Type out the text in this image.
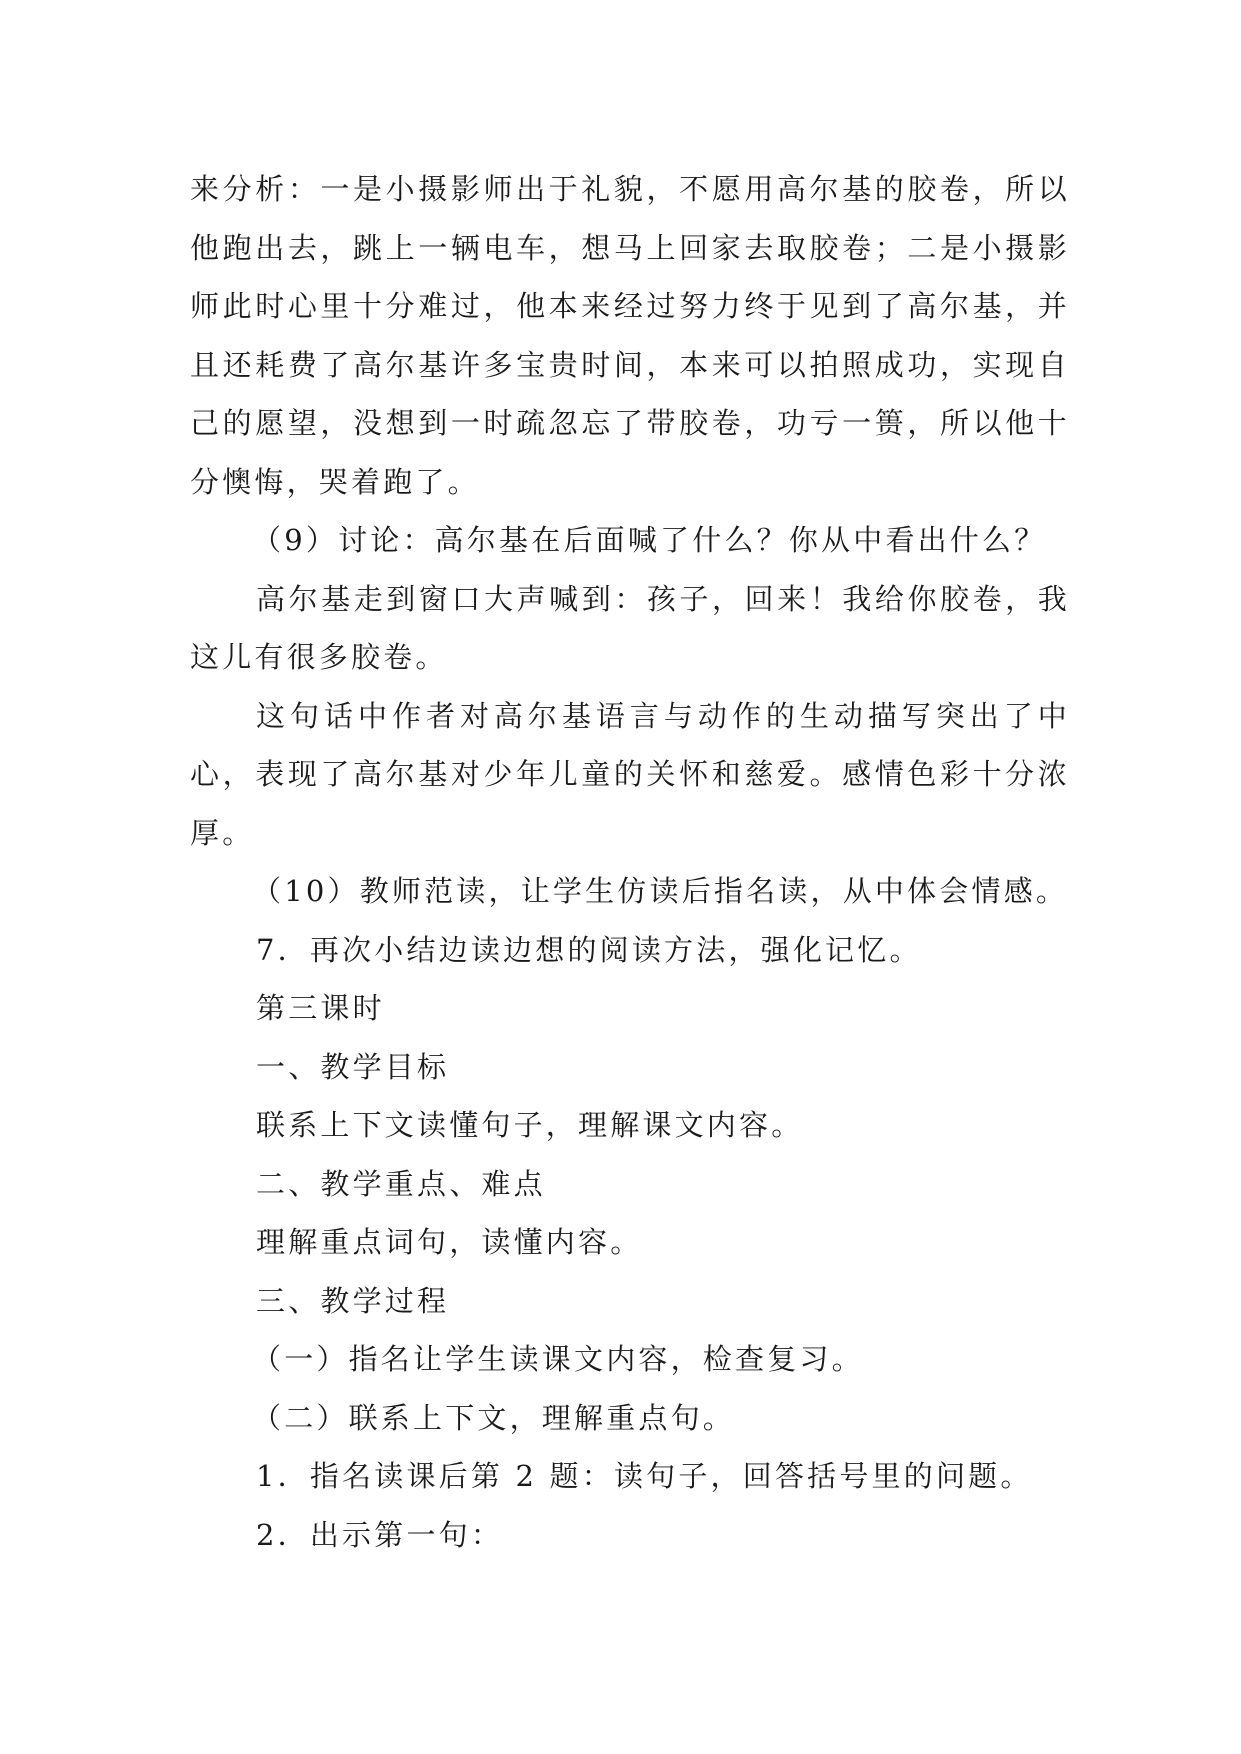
来分析：一是小摄影师出于礼貌，不愿用高尔基的胶卷，所以他跑出去，跳上一辆电车，想马上回家去取胶卷；二是小摄影师此时心里十分难过，他本来经过努力终于见到了高尔基，并且还耗费了高尔基许多宝贵时间，本来可以拍照成功，实现自己的愿望，没想到一时疏忽忘了带胶卷，功亏一篑，所以他十分懊悔，哭着跑了。

（9）讨论：高尔基在后面喊了什么？你从中看出什么？

高尔基走到窗口大声喊到：孩子，回来！我给你胶卷，我这儿有很多胶卷。

这句话中作者对高尔基语言与动作的生动描写突出了中心，表现了高尔基对少年儿童的关怀和慈爱。感情色彩十分浓厚。

（10）教师范读，让学生仿读后指名读，从中体会情感。

7．再次小结边读边想的阅读方法，强化记忆。

第三课时

一、教学目标

联系上下文读懂句子，理解课文内容。

二、教学重点、难点

理解重点词句，读懂内容。

三、教学过程

（一）指名让学生读课文内容，检查复习。

（二）联系上下文，理解重点句。

1．指名读课后第 2 题：读句子，回答括号里的问题。

2．出示第一句：
